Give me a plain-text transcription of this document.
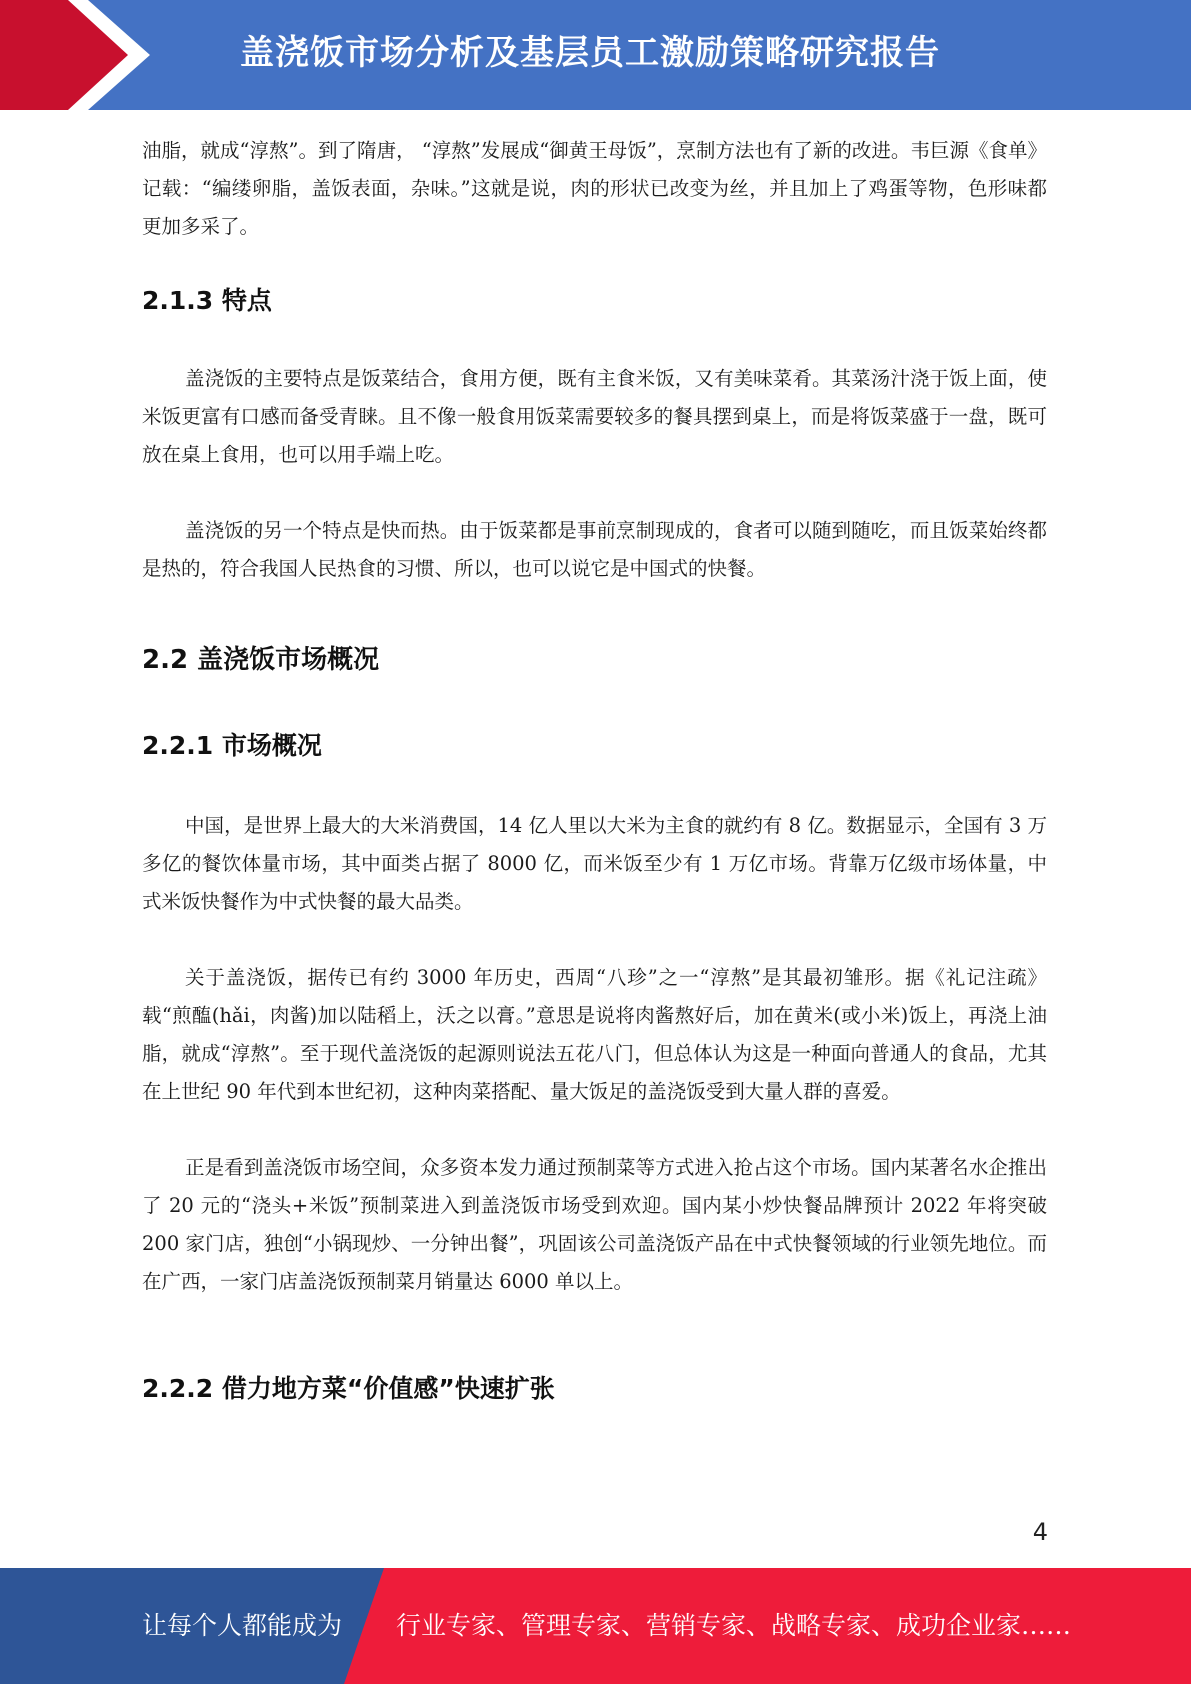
盖浇饭市场分析及基层员工激励策略研究报告

油脂，就成“淳熬”。到了隋唐， “淳熬”发展成“御黄王母饭”，烹制方法也有了新的改进。韦巨源《食单》记载：“编缕卵脂，盖饭表面，杂味。”这就是说，肉的形状已改变为丝，并且加上了鸡蛋等物，色形味都更加多采了。

2.1.3 特点

盖浇饭的主要特点是饭菜结合，食用方便，既有主食米饭，又有美味菜肴。其菜汤汁浇于饭上面，使米饭更富有口感而备受青睐。且不像一般食用饭菜需要较多的餐具摆到桌上，而是将饭菜盛于一盘，既可放在桌上食用，也可以用手端上吃。

盖浇饭的另一个特点是快而热。由于饭菜都是事前烹制现成的，食者可以随到随吃，而且饭菜始终都是热的，符合我国人民热食的习惯、所以，也可以说它是中国式的快餐。

2.2 盖浇饭市场概况
2.2.1 市场概况

中国，是世界上最大的大米消费国，14 亿人里以大米为主食的就约有 8 亿。数据显示，全国有 3 万多亿的餐饮体量市场，其中面类占据了 8000 亿，而米饭至少有 1 万亿市场。背靠万亿级市场体量，中式米饭快餐作为中式快餐的最大品类。

关于盖浇饭，据传已有约 3000 年历史，西周“八珍”之一“淳熬”是其最初雏形。据《礼记注疏》载“煎醢(hǎi，肉酱)加以陆稻上，沃之以膏。”意思是说将肉酱熬好后，加在黄米(或小米)饭上，再浇上油脂，就成“淳熬”。至于现代盖浇饭的起源则说法五花八门，但总体认为这是一种面向普通人的食品，尤其在上世纪 90 年代到本世纪初，这种肉菜搭配、量大饭足的盖浇饭受到大量人群的喜爱。

正是看到盖浇饭市场空间，众多资本发力通过预制菜等方式进入抢占这个市场。国内某著名水企推出了 20 元的“浇头+米饭”预制菜进入到盖浇饭市场受到欢迎。国内某小炒快餐品牌预计 2022 年将突破 200 家门店，独创“小锅现炒、一分钟出餐”，巩固该公司盖浇饭产品在中式快餐领域的行业领先地位。而在广西，一家门店盖浇饭预制菜月销量达 6000 单以上。

2.2.2 借力地方菜“价值感”快速扩张
4
让每个人都能成为 行业专家、管理专家、营销专家、战略专家、成功企业家……
